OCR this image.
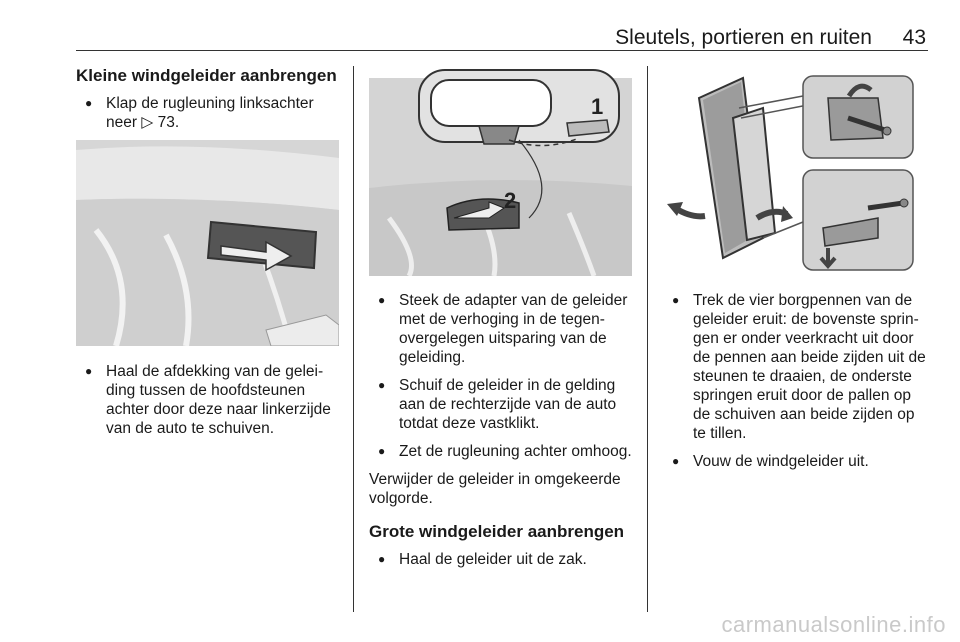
Sleutels, portieren en ruiten 43

Kleine windgeleider aanbrengen

● Klap de rugleuning linksachter neer ▷ 73.
● Haal de afdekking van de gelei-ding tussen de hoofdsteunen achter door deze naar linkerzijde van de auto te schuiven.
1
2
● Steek de adapter van de geleider met de verhoging in de tegen-overgelegen uitsparing van de geleiding.
● Schuif de geleider in de gelding aan de rechterzijde van de auto totdat deze vastklikt.
● Zet de rugleuning achter omhoog.

Verwijder de geleider in omgekeerde volgorde.

Grote windgeleider aanbrengen

● Haal de geleider uit de zak.
● Trek de vier borgpennen van de geleider eruit: de bovenste sprin-gen er onder veerkracht uit door de pennen aan beide zijden uit de steunen te draaien, de onderste springen eruit door de pallen op de schuiven aan beide zijden op te tillen.
● Vouw de windgeleider uit.
carmanualsonline.info
